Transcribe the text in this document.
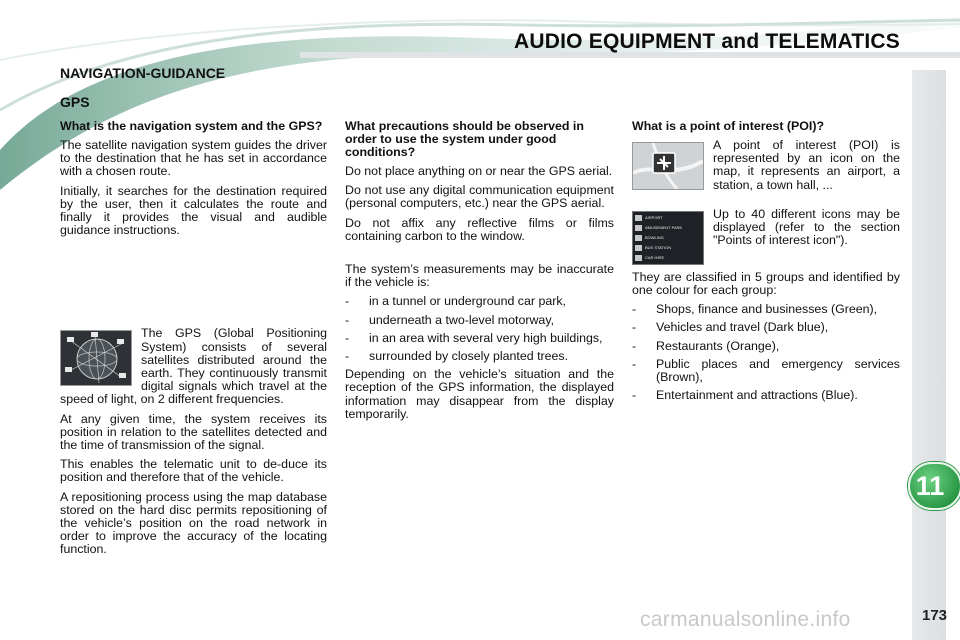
AUDIO EQUIPMENT and TELEMATICS
NAVIGATION-GUIDANCE
GPS
What is the navigation system and the GPS?

The satellite navigation system guides the driver to the destination that he has set in accordance with a chosen route.

Initially, it searches for the destination required by the user, then it calculates the route and finally it provides the visual and audible guidance instructions.

The GPS (Global Positioning System) consists of several satellites distributed around the earth. They continuously transmit digital signals which travel at the speed of light, on 2 different frequencies.

At any given time, the system receives its position in relation to the satellites detected and the time of transmission of the signal.

This enables the telematic unit to de-duce its position and therefore that of the vehicle.

A repositioning process using the map database stored on the hard disc permits repositioning of the vehicle’s position on the road network in order to improve the accuracy of the locating function.

What precautions should be observed in order to use the system under good conditions?

Do not place anything on or near the GPS aerial.

Do not use any digital communication equipment (personal computers, etc.) near the GPS aerial.

Do not affix any reflective films or films containing carbon to the window.

The system’s measurements may be inaccurate if the vehicle is:

-	in a tunnel or underground car park,
-	underneath a two-level motorway,
-	in an area with several very high buildings,
-	surrounded by closely planted trees.

Depending on the vehicle’s situation and the reception of the GPS information, the displayed information may disappear from the display temporarily.

What is a point of interest (POI)?

A point of interest (POI) is represented by an icon on the map, it represents an airport, a station, a town hall, ...

AIRPORT
AMUSEMENT PARK
BOWLING
BUS STATION
CAR HIRE

Up to 40 different icons may be displayed (refer to the section "Points of interest icon").

They are classified in 5 groups and identified by one colour for each group:

-	Shops, finance and businesses (Green),
-	Vehicles and travel (Dark blue),
-	Restaurants (Orange),
-	Public places and emergency services (Brown),
-	Entertainment and attractions (Blue).
11
carmanualsonline.info	173
